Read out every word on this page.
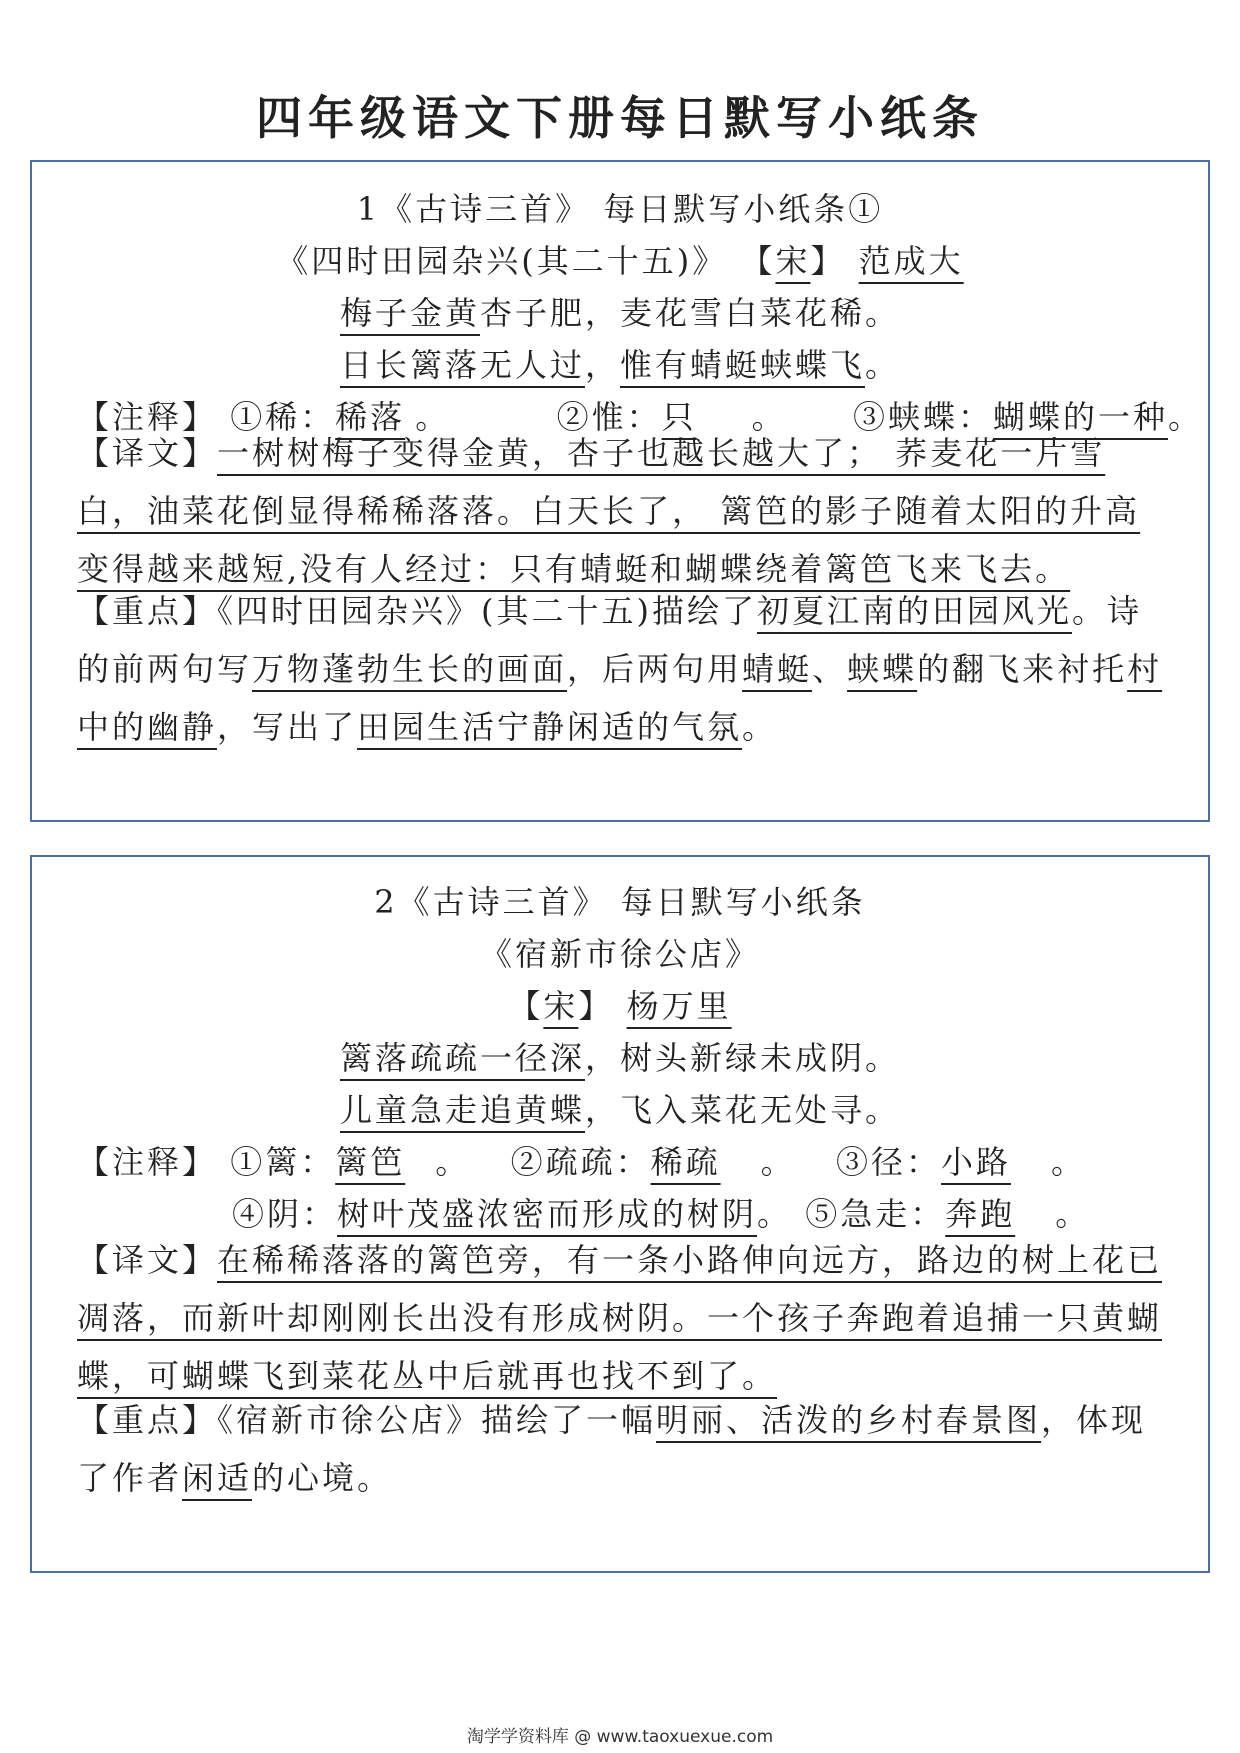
四年级语文下册每日默写小纸条
1《古诗三首》 每日默写小纸条①
《四时田园杂兴(其二十五)》 【宋】 范成大
梅子金黄杏子肥，麦花雪白菜花稀。
日长篱落无人过，惟有蜻蜓蛱蝶飞。
【注释】 ①稀：稀落 。	②惟：只 。 ③蛱蝶：蝴蝶的一种。
【译文】一树树梅子变得金黄，杏子也越长越大了； 荞麦花一片雪白，油菜花倒显得稀稀落落。白天长了， 篱笆的影子随着太阳的升高变得越来越短,没有人经过：只有蜻蜓和蝴蝶绕着篱笆飞来飞去。
【重点】《四时田园杂兴》(其二十五)描绘了初夏江南的田园风光。诗的前两句写万物蓬勃生长的画面，后两句用蜻蜓、蛱蝶的翻飞来衬托村中的幽静，写出了田园生活宁静闲适的气氛。
2《古诗三首》 每日默写小纸条
《宿新市徐公店》
【宋】 杨万里
篱落疏疏一径深，树头新绿未成阴。
儿童急走追黄蝶，飞入菜花无处寻。
【注释】 ①篱：篱笆 。 ②疏疏：稀疏 。 ③径：小路 。
④阴：树叶茂盛浓密而形成的树阴。 ⑤急走：奔跑 。
【译文】在稀稀落落的篱笆旁，有一条小路伸向远方，路边的树上花已凋落，而新叶却刚刚长出没有形成树阴。一个孩子奔跑着追捕一只黄蝴蝶，可蝴蝶飞到菜花丛中后就再也找不到了。
【重点】《宿新市徐公店》描绘了一幅明丽、活泼的乡村春景图，体现了作者闲适的心境。
淘学学资料库 @ www.taoxuexue.com
